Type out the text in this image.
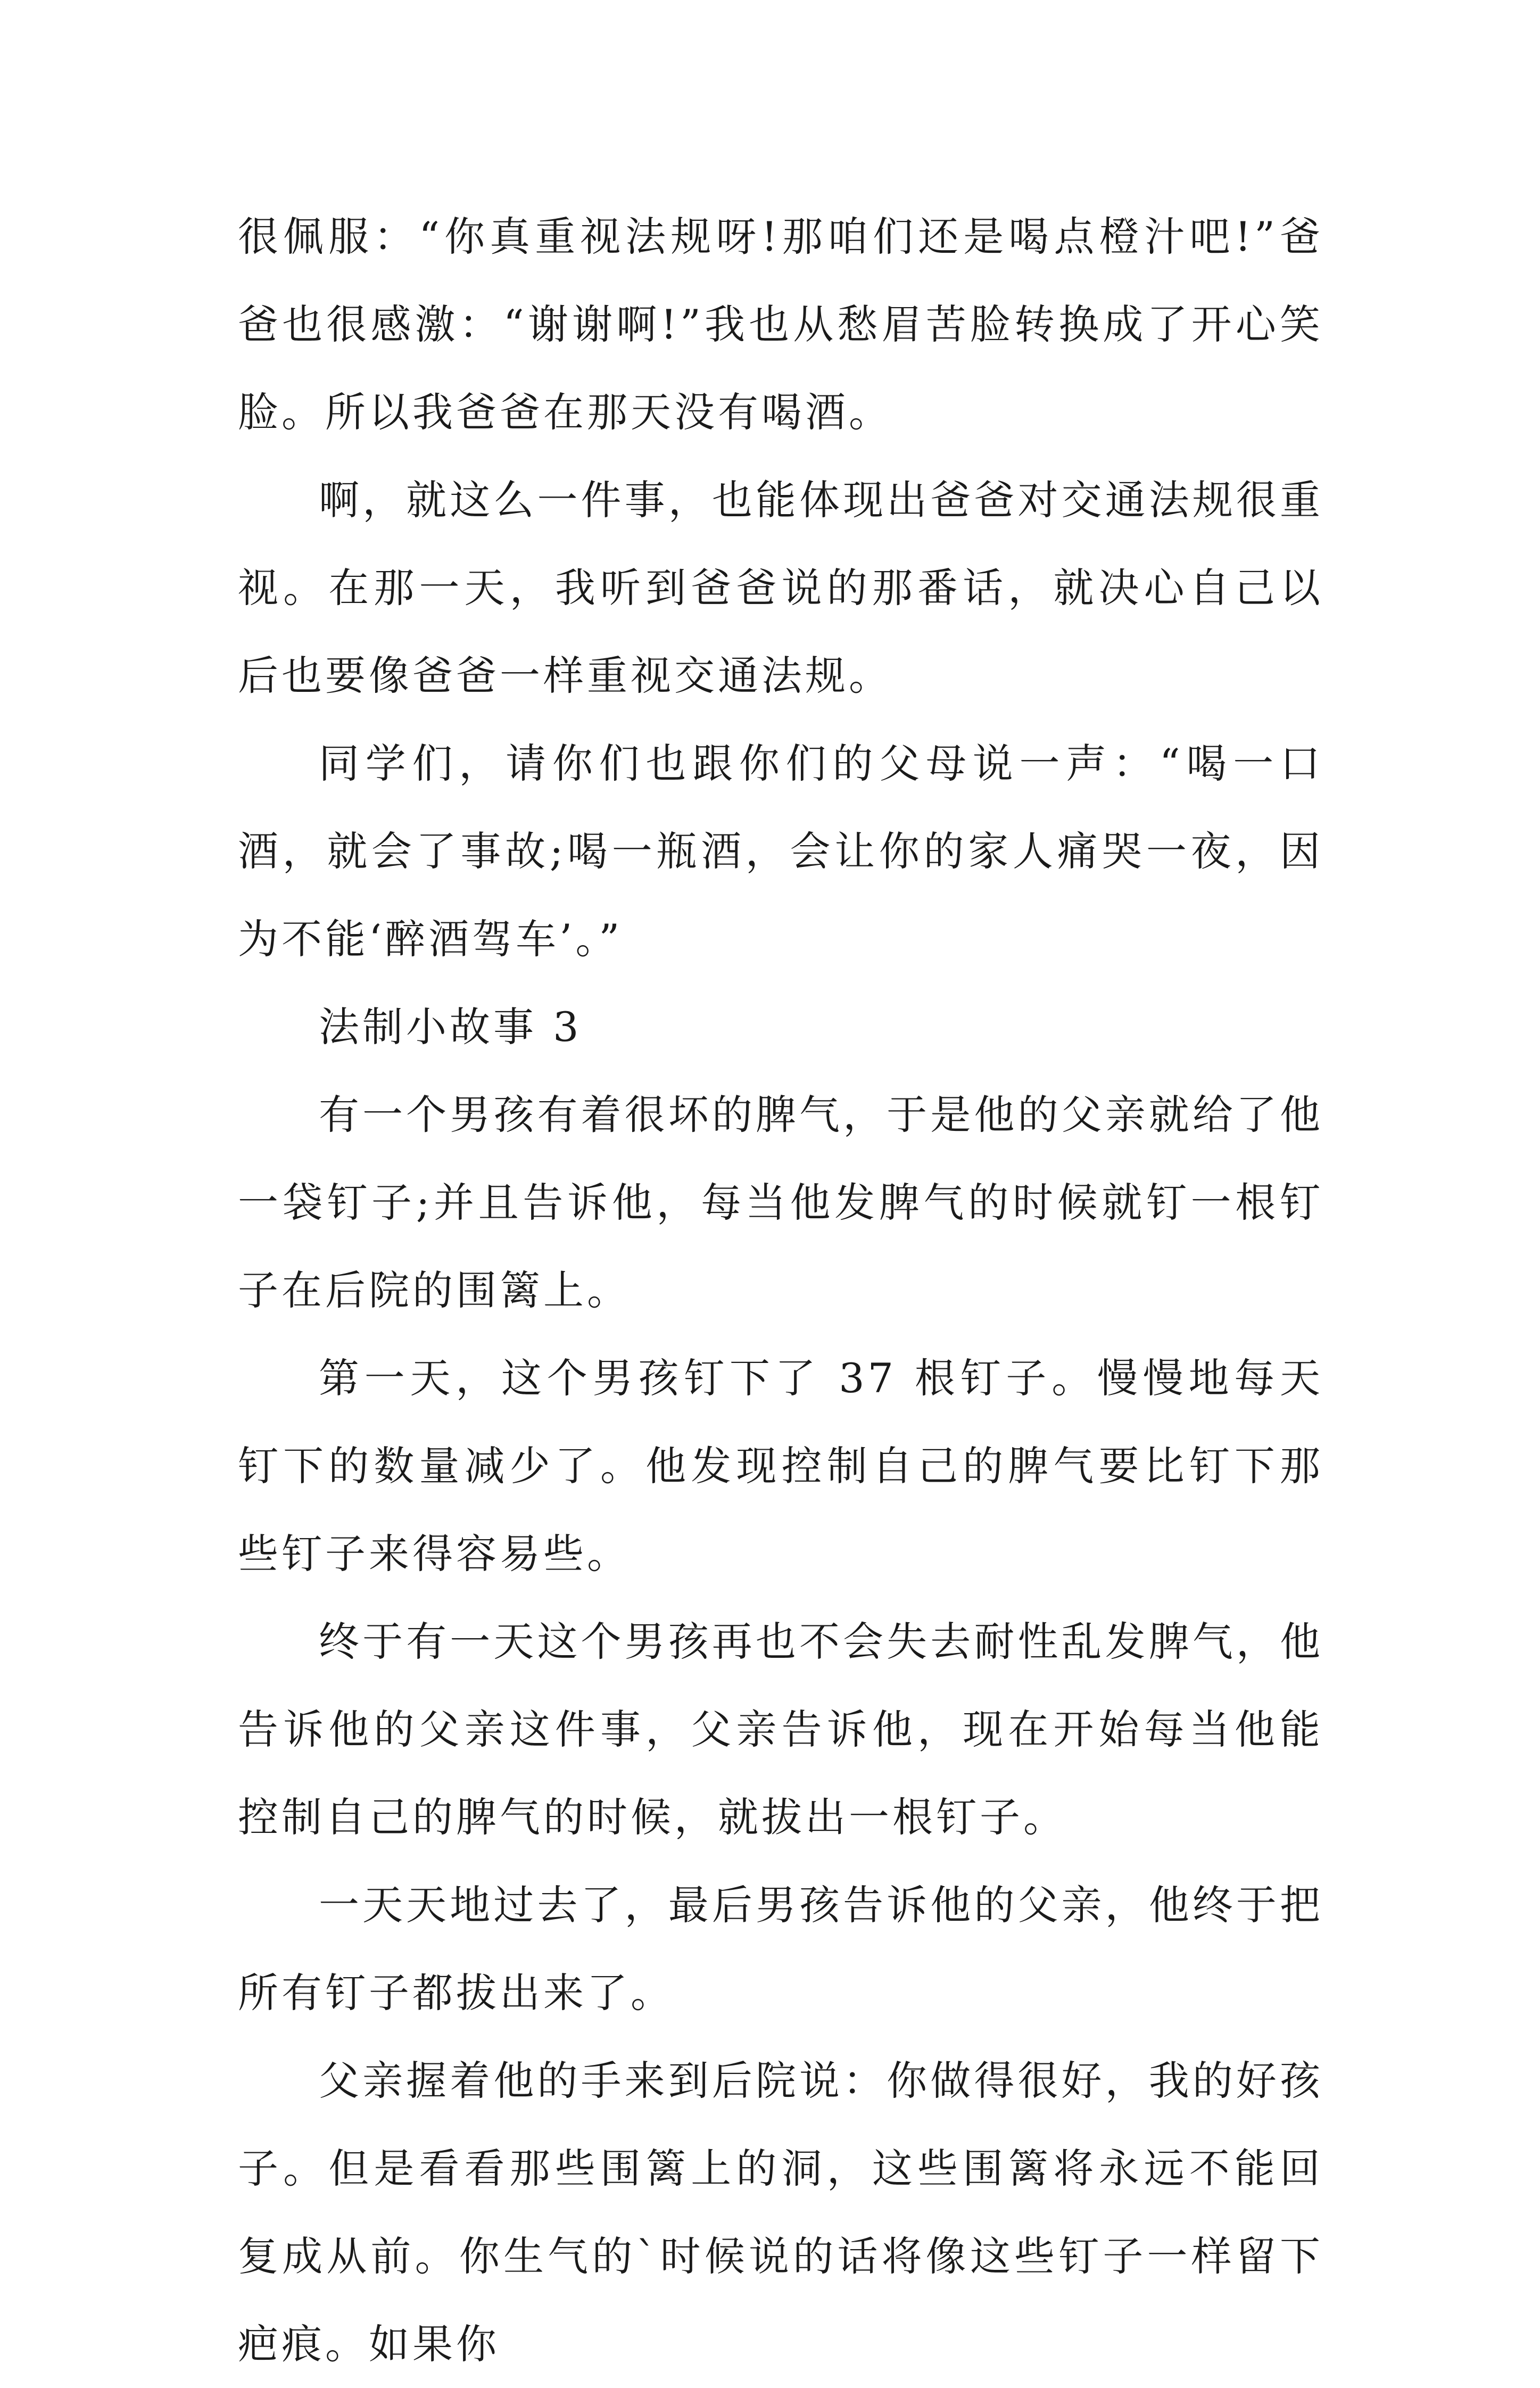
很佩服：“你真重视法规呀!那咱们还是喝点橙汁吧!”爸爸也很感激：“谢谢啊!”我也从愁眉苦脸转换成了开心笑脸。所以我爸爸在那天没有喝酒。

啊，就这么一件事，也能体现出爸爸对交通法规很重视。在那一天，我听到爸爸说的那番话，就决心自己以后也要像爸爸一样重视交通法规。

同学们，请你们也跟你们的父母说一声：“喝一口酒，就会了事故;喝一瓶酒，会让你的家人痛哭一夜，因为不能‘醉酒驾车’。”

法制小故事 3

有一个男孩有着很坏的脾气，于是他的父亲就给了他一袋钉子;并且告诉他，每当他发脾气的时候就钉一根钉子在后院的围篱上。

第一天，这个男孩钉下了 37 根钉子。慢慢地每天钉下的数量减少了。他发现控制自己的脾气要比钉下那些钉子来得容易些。

终于有一天这个男孩再也不会失去耐性乱发脾气，他告诉他的父亲这件事，父亲告诉他，现在开始每当他能控制自己的脾气的时候，就拔出一根钉子。

一天天地过去了，最后男孩告诉他的父亲，他终于把所有钉子都拔出来了。

父亲握着他的手来到后院说：你做得很好，我的好孩子。但是看看那些围篱上的洞，这些围篱将永远不能回复成从前。你生气的`时候说的话将像这些钉子一样留下疤痕。如果你
